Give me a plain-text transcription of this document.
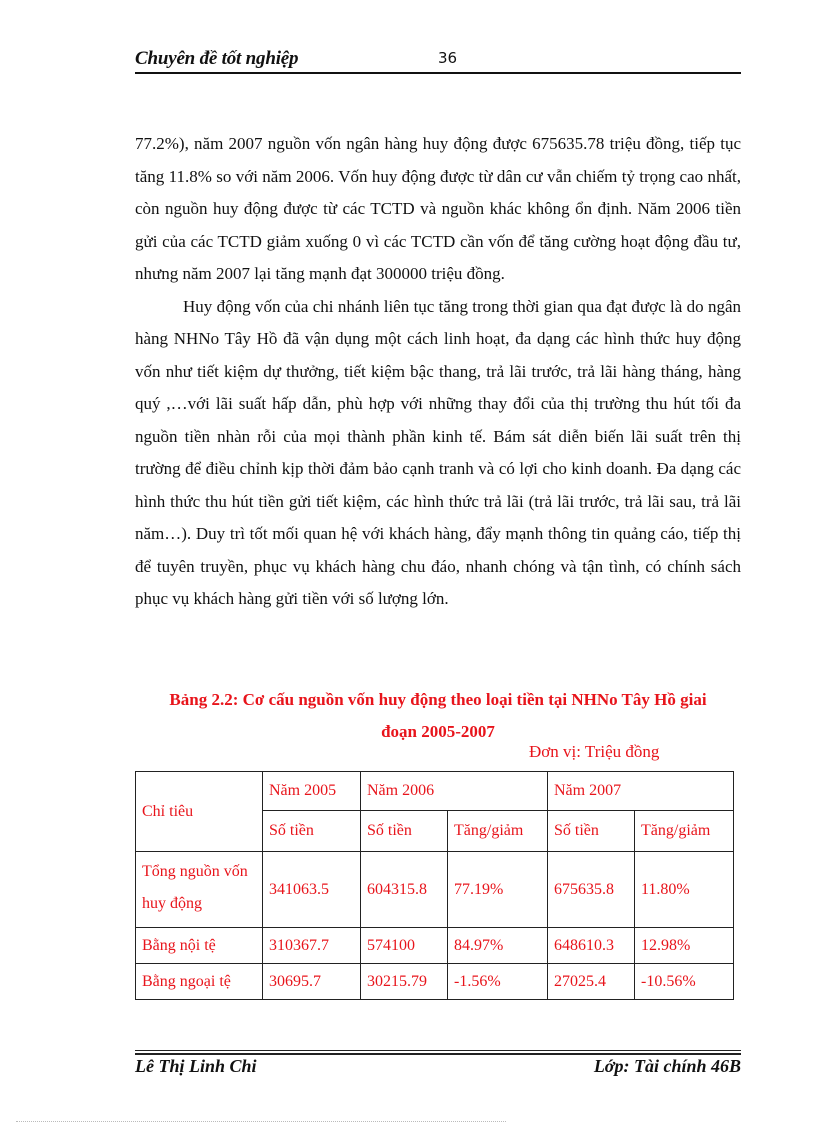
Chuyên đề tốt nghiệp	36

77.2%), năm 2007 nguồn vốn ngân hàng huy động được 675635.78 triệu đồng, tiếp tục tăng 11.8% so với năm 2006. Vốn huy động được từ dân cư vẫn chiếm tỷ trọng cao nhất, còn nguồn huy động được từ các TCTD và nguồn khác không ổn định. Năm 2006 tiền gửi của các TCTD giảm xuống 0 vì các TCTD cần vốn để tăng cường hoạt động đầu tư, nhưng năm 2007 lại tăng mạnh đạt 300000 triệu đồng.

Huy động vốn của chi nhánh liên tục tăng trong thời gian qua đạt được là do ngân hàng NHNo Tây Hồ đã vận dụng một cách linh hoạt, đa dạng các hình thức huy động vốn như tiết kiệm dự thưởng, tiết kiệm bậc thang, trả lãi trước, trả lãi hàng tháng, hàng quý ,…với lãi suất hấp dẫn, phù hợp với những thay đổi của thị trường thu hút tối đa nguồn tiền nhàn rỗi của mọi thành phần kinh tế. Bám sát diễn biến lãi suất trên thị trường để điều chỉnh kịp thời đảm bảo cạnh tranh và có lợi cho kinh doanh. Đa dạng các hình thức thu hút tiền gửi tiết kiệm, các hình thức trả lãi (trả lãi trước, trả lãi sau, trả lãi năm…). Duy trì tốt mối quan hệ với khách hàng, đẩy mạnh thông tin quảng cáo, tiếp thị để tuyên truyền, phục vụ khách hàng chu đáo, nhanh chóng và tận tình, có chính sách phục vụ khách hàng gửi tiền với số lượng lớn.

Bảng 2.2: Cơ cấu nguồn vốn huy động theo loại tiền tại NHNo Tây Hồ giai
đoạn 2005-2007
Đơn vị: Triệu đồng
Chỉ tiêu	Năm 2005	Năm 2006		Năm 2007	
	Số tiền	Số tiền	Tăng/giảm	Số tiền	Tăng/giảm
Tổng nguồn vốn huy động	341063.5	604315.8	77.19%	675635.8	11.80%
Bằng nội tệ	310367.7	574100	84.97%	648610.3	12.98%
Bằng ngoại tệ	30695.7	30215.79	-1.56%	27025.4	-10.56%
Lê Thị Linh Chi	Lớp: Tài chính 46B
